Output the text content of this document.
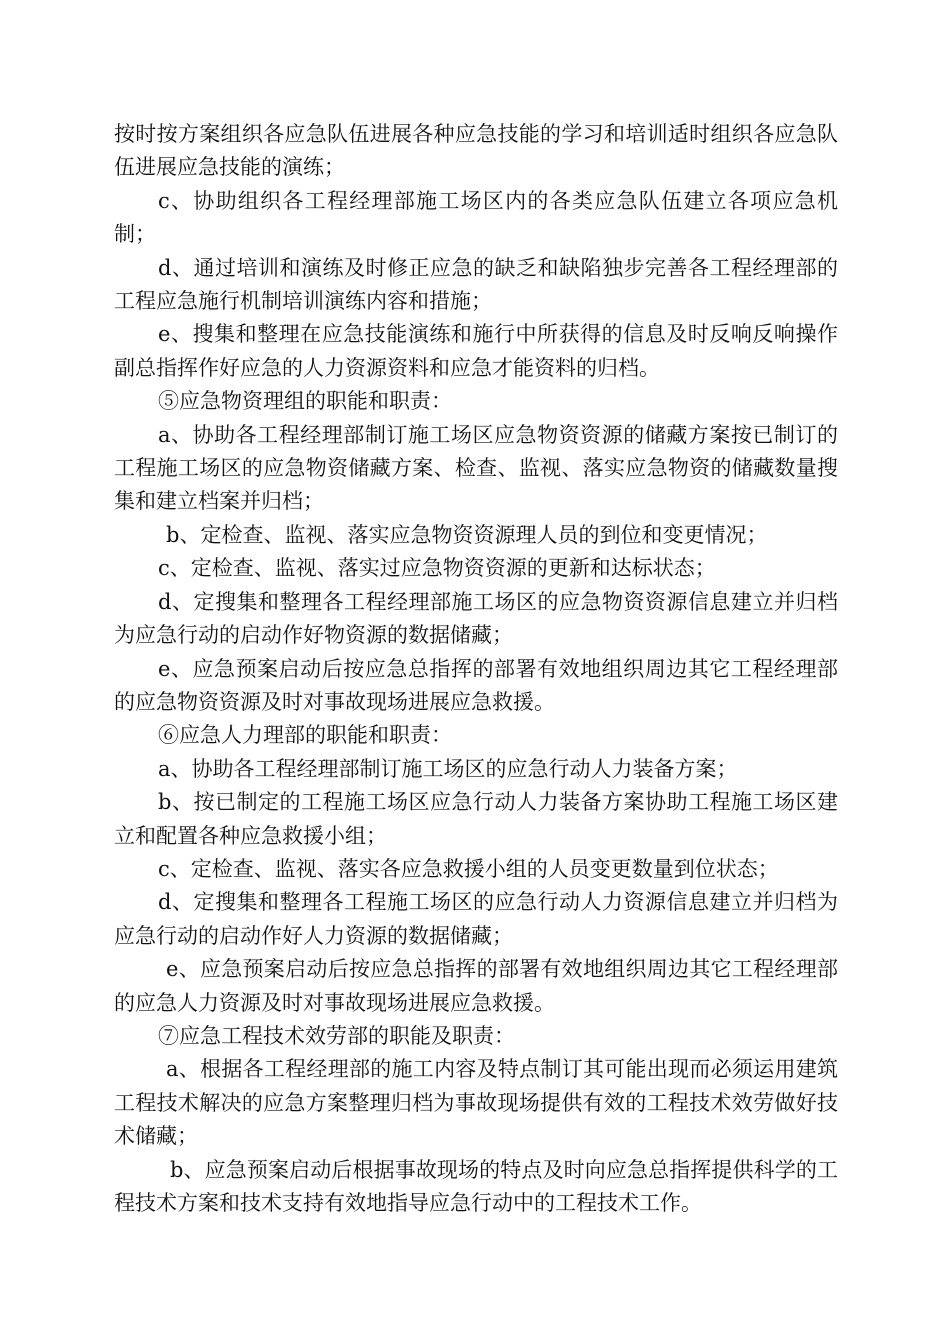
按时按方案组织各应急队伍进展各种应急技能的学习和培训适时组织各应急队伍进展应急技能的演练；

c、协助组织各工程经理部施工场区内的各类应急队伍建立各项应急机制；

d、通过培训和演练及时修正应急的缺乏和缺陷独步完善各工程经理部的工程应急施行机制培训演练内容和措施；

e、搜集和整理在应急技能演练和施行中所获得的信息及时反响反响操作副总指挥作好应急的人力资源资料和应急才能资料的归档。

⑤应急物资理组的职能和职责：

a、协助各工程经理部制订施工场区应急物资资源的储藏方案按已制订的工程施工场区的应急物资储藏方案、检查、监视、落实应急物资的储藏数量搜集和建立档案并归档；

b、定检查、监视、落实应急物资资源理人员的到位和变更情况；

c、定检查、监视、落实过应急物资资源的更新和达标状态；

d、定搜集和整理各工程经理部施工场区的应急物资资源信息建立并归档为应急行动的启动作好物资源的数据储藏；

e、应急预案启动后按应急总指挥的部署有效地组织周边其它工程经理部的应急物资资源及时对事故现场进展应急救援。

⑥应急人力理部的职能和职责：

a、协助各工程经理部制订施工场区的应急行动人力装备方案；

b、按已制定的工程施工场区应急行动人力装备方案协助工程施工场区建立和配置各种应急救援小组；

c、定检查、监视、落实各应急救援小组的人员变更数量到位状态；

d、定搜集和整理各工程施工场区的应急行动人力资源信息建立并归档为应急行动的启动作好人力资源的数据储藏；

e、应急预案启动后按应急总指挥的部署有效地组织周边其它工程经理部的应急人力资源及时对事故现场进展应急救援。

⑦应急工程技术效劳部的职能及职责：

a、根据各工程经理部的施工内容及特点制订其可能出现而必须运用建筑工程技术解决的应急方案整理归档为事故现场提供有效的工程技术效劳做好技术储藏；

b、应急预案启动后根据事故现场的特点及时向应急总指挥提供科学的工程技术方案和技术支持有效地指导应急行动中的工程技术工作。
